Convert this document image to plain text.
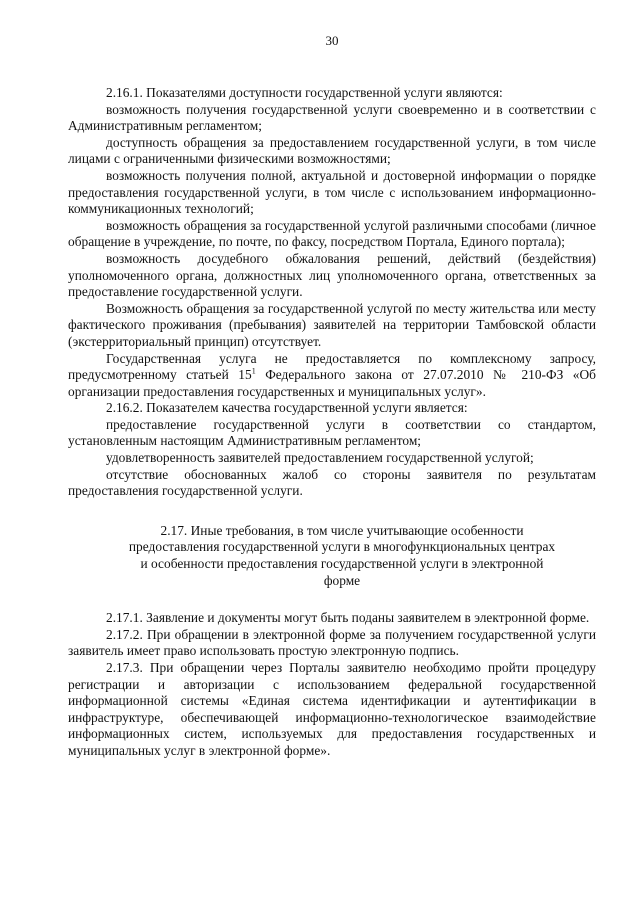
30

2.16.1. Показателями доступности государственной услуги являются:

возможность получения государственной услуги своевременно и в соответствии с Административным регламентом;

доступность обращения за предоставлением государственной услуги, в том числе лицами с ограниченными физическими возможностями;

возможность получения полной, актуальной и достоверной информации о порядке предоставления государственной услуги, в том числе с использованием информационно-коммуникационных технологий;

возможность обращения за государственной услугой различными способами (личное обращение в учреждение, по почте, по факсу, посредством Портала, Единого портала);

возможность досудебного обжалования решений, действий (бездействия) уполномоченного органа, должностных лиц уполномоченного органа, ответственных за предоставление государственной услуги.

Возможность обращения за государственной услугой по месту жительства или месту фактического проживания (пребывания) заявителей на территории Тамбовской области (экстерриториальный принцип) отсутствует.

Государственная услуга не предоставляется по комплексному запросу, предусмотренному статьей $15^1$ Федерального закона от 27.07.2010 № 210-ФЗ «Об организации предоставления государственных и муниципальных услуг».

2.16.2. Показателем качества государственной услуги является:

предоставление государственной услуги в соответствии со стандартом, установленным настоящим Административным регламентом;

удовлетворенность заявителей предоставлением государственной услугой;

отсутствие обоснованных жалоб со стороны заявителя по результатам предоставления государственной услуги.

2.17. Иные требования, в том числе учитывающие особенности
предоставления государственной услуги в многофункциональных центрах
и особенности предоставления государственной услуги в электронной
форме

2.17.1. Заявление и документы могут быть поданы заявителем в электронной форме.

2.17.2. При обращении в электронной форме за получением государственной услуги заявитель имеет право использовать простую электронную подпись.

2.17.3. При обращении через Порталы заявителю необходимо пройти процедуру регистрации и авторизации с использованием федеральной государственной информационной системы «Единая система идентификации и аутентификации в инфраструктуре, обеспечивающей информационно-технологическое взаимодействие информационных систем, используемых для предоставления государственных и муниципальных услуг в электронной форме».
